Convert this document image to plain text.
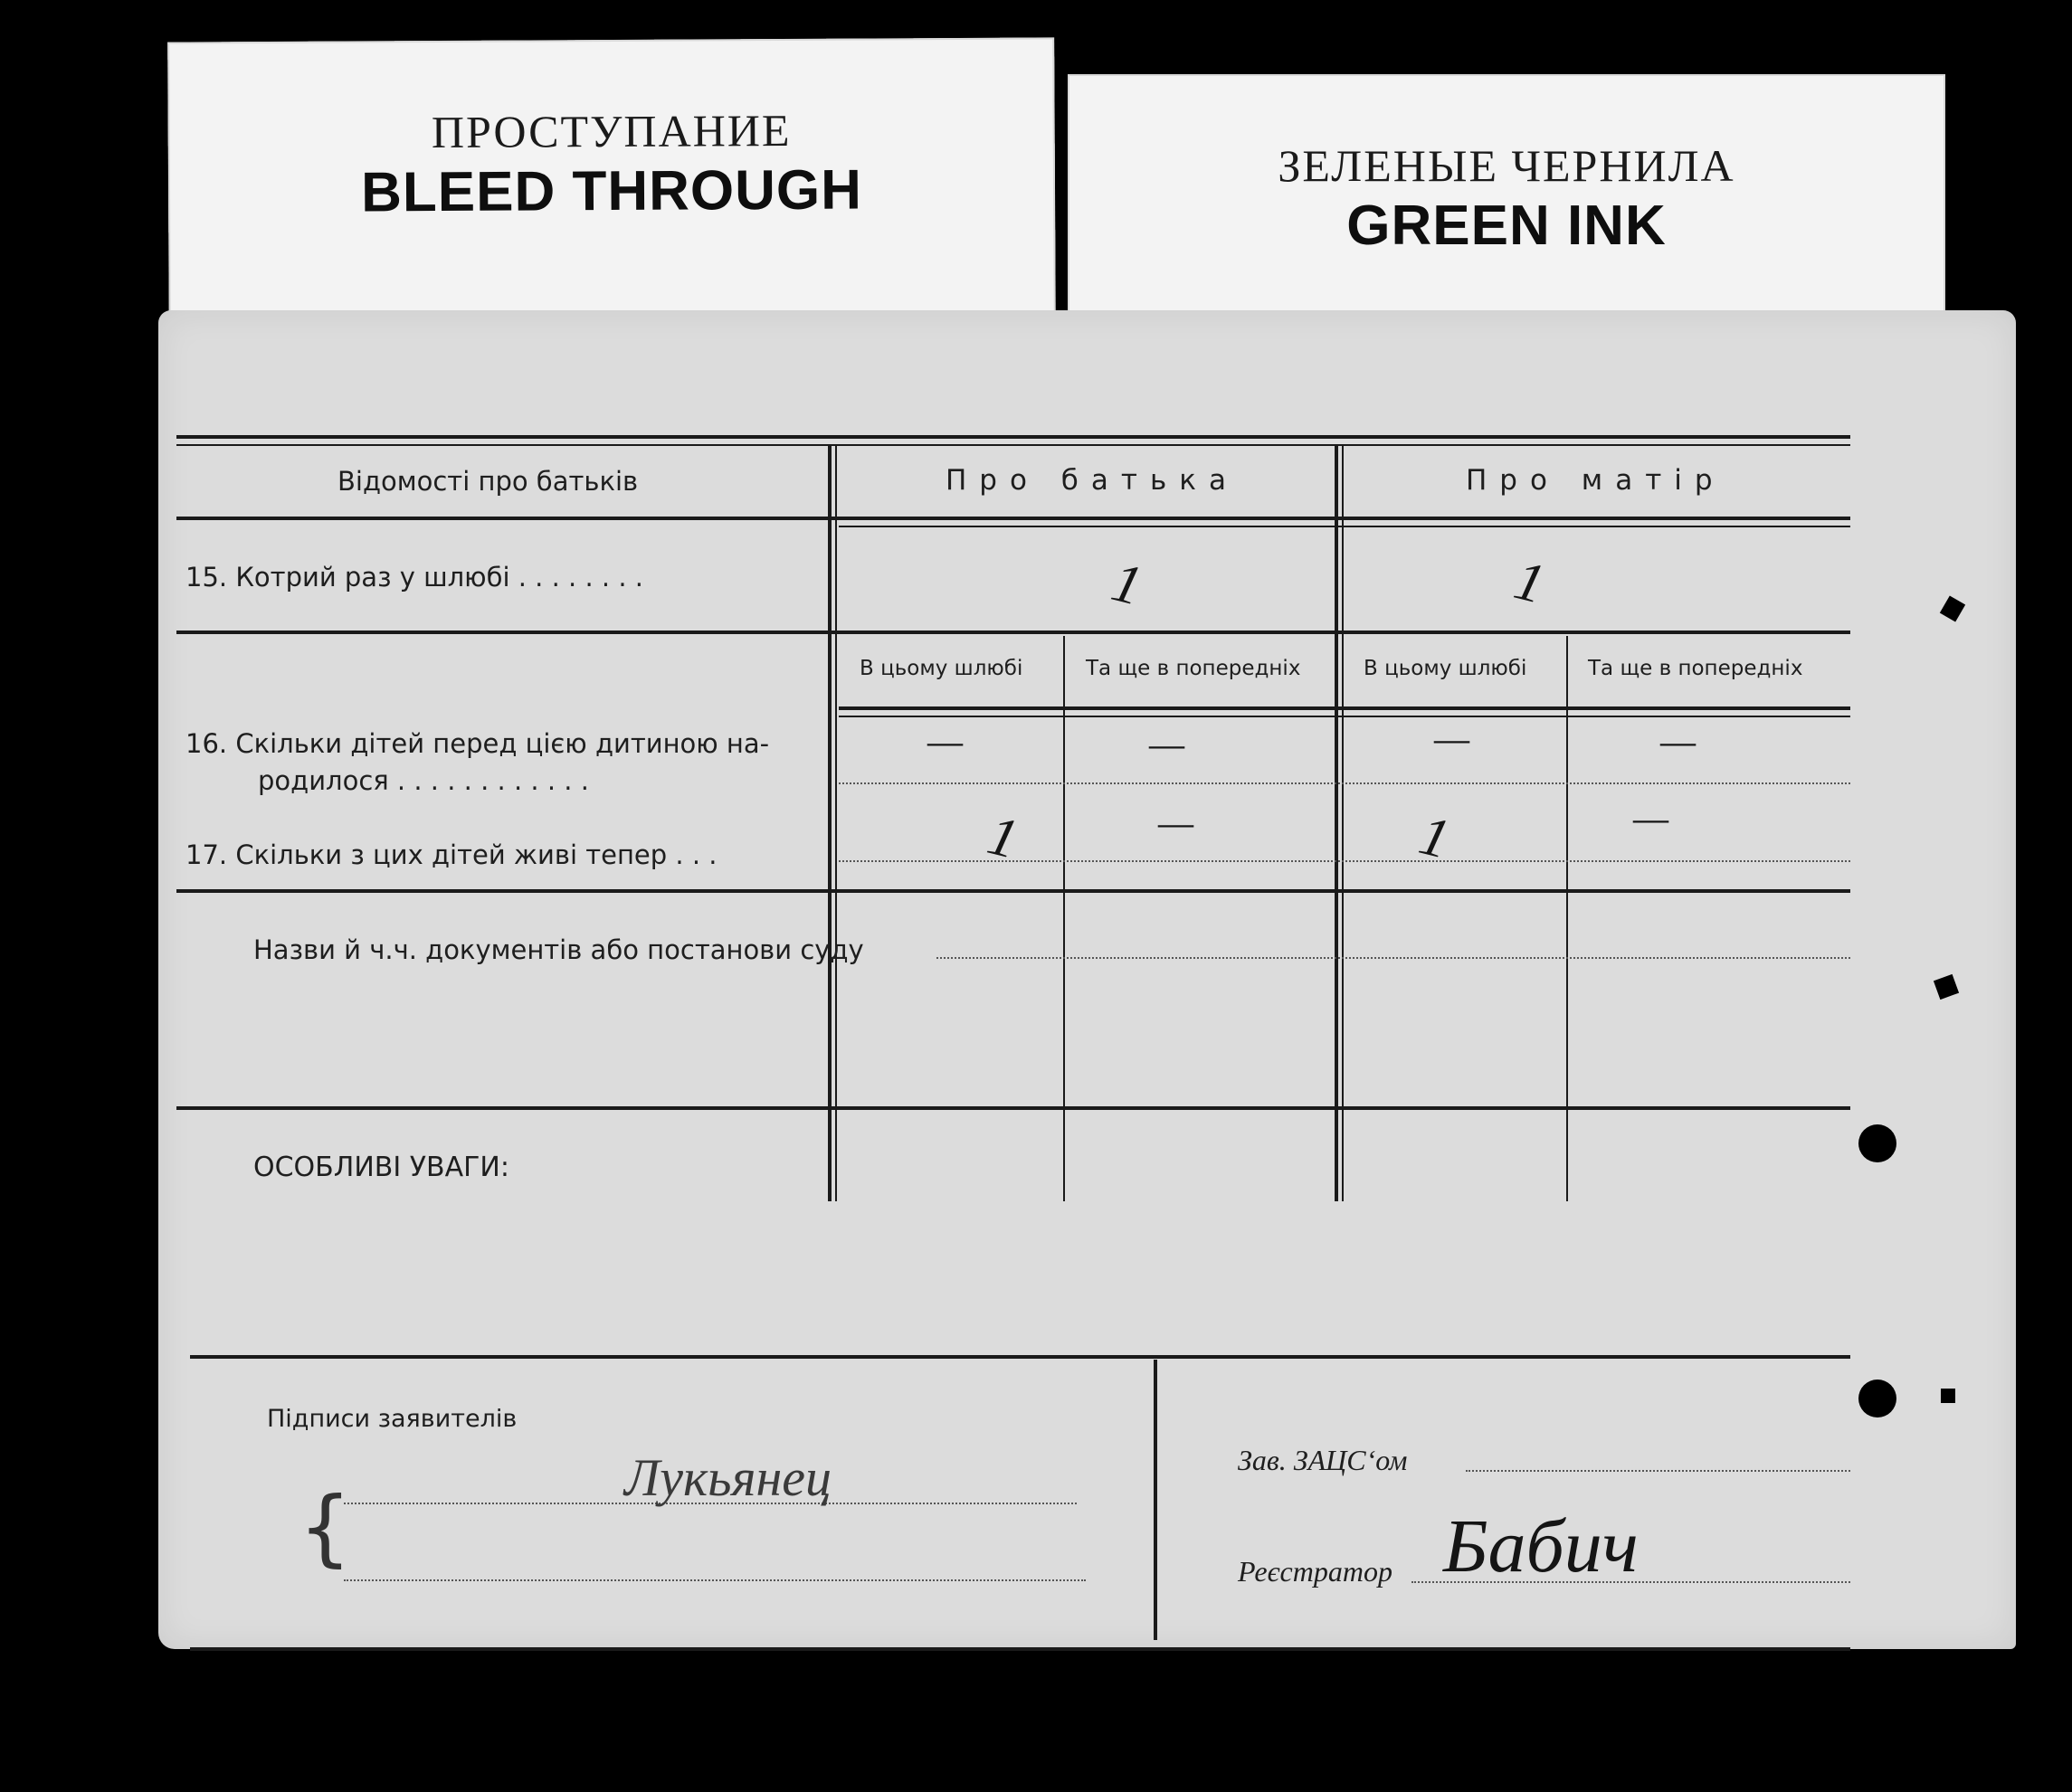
ПРОСТУПАНИЕ
BLEED THROUGH	ЗЕЛЕНЫЕ ЧЕРНИЛА
GREEN INK
Відомості про батьків	Про батька	Про матір
15. Котрий раз у шлюбі . . . . . . . .	1	1
В цьому шлюбі	Та ще в попередніх	В цьому шлюбі	Та ще в попередніх
16. Скільки дітей перед цією дитиною на-
родилося . . . . . . . . . . . .
—	—	—	—
17. Скільки з цих дітей живі тепер . . .	1	—	1	—
Назви й ч.ч. документів або постанови суду
ОСОБЛИВІ УВАГИ:
Підписи заявителів
{
Лукьянец	Зав. ЗАЦС‘ом
Реєстратор Бабич
